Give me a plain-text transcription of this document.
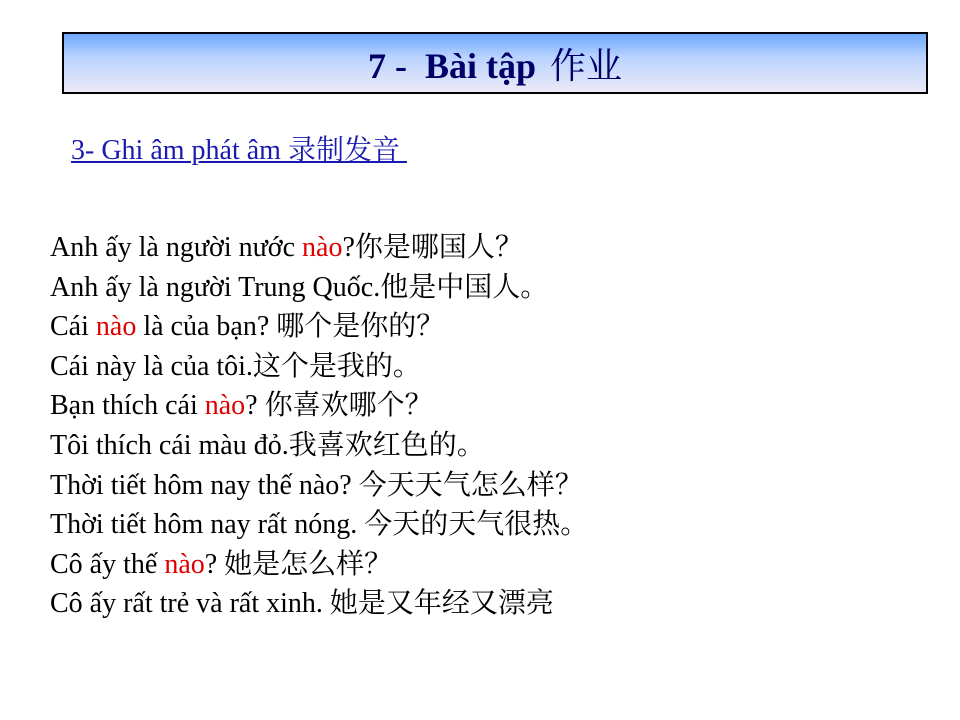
7 -  Bài tập 作业
3- Ghi âm phát âm 录制发音
Anh ấy là người nước nào?你是哪国人？
Anh ấy là người Trung Quốc.他是中国人。
Cái nào là của bạn? 哪个是你的？
Cái này là của tôi.这个是我的。
Bạn thích cái nào? 你喜欢哪个？
Tôi thích cái màu đỏ.我喜欢红色的。
Thời tiết hôm nay thế nào? 今天天气怎么样？
Thời tiết hôm nay rất nóng. 今天的天气很热。
Cô ấy thế nào? 她是怎么样？
Cô ấy rất trẻ và rất xinh. 她是又年经又漂亮
